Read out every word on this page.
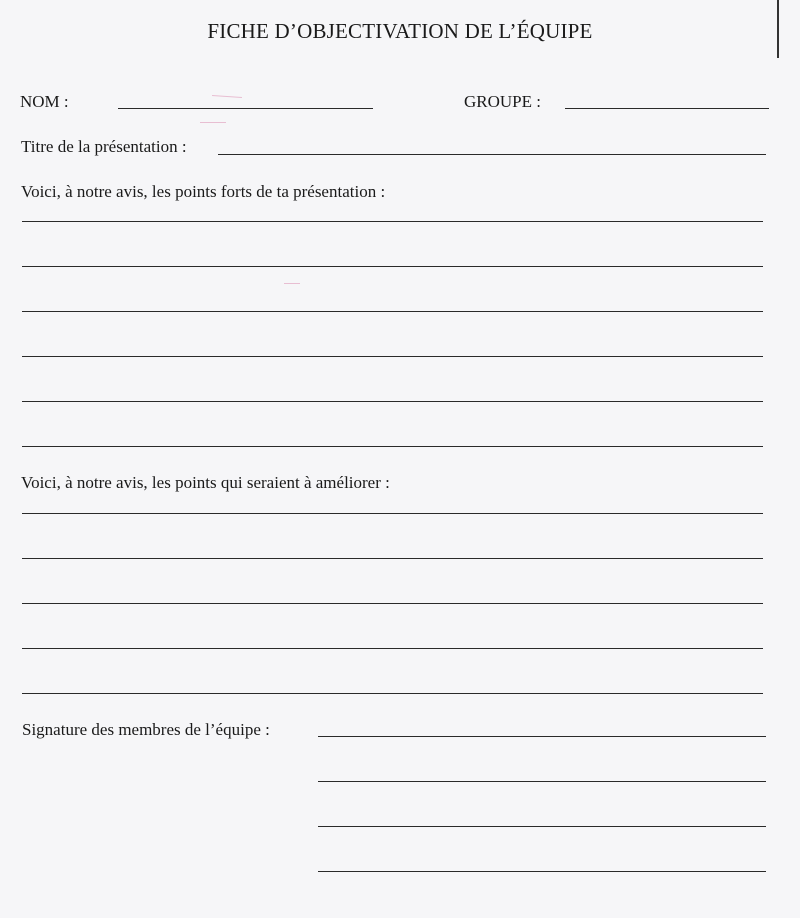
FICHE D’OBJECTIVATION DE L’ÉQUIPE
NOM :	GROUPE :
Titre de la présentation :
Voici, à notre avis, les points forts de ta présentation :
Voici, à notre avis, les points qui seraient à améliorer :
Signature des membres de l’équipe :
